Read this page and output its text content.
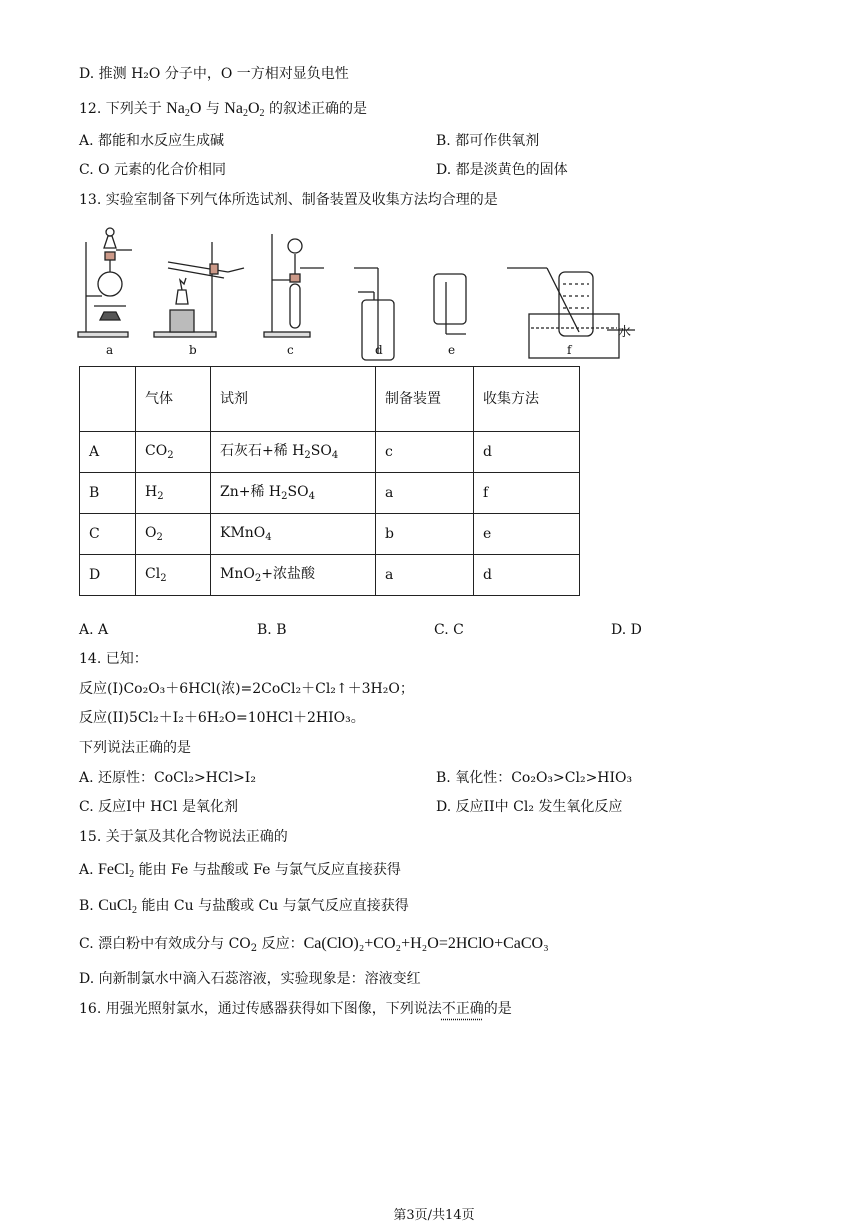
D. 推测 H₂O 分子中，O 一方相对显负电性
12. 下列关于 $Na_2O$ 与 $Na_2O_2$ 的叙述正确的是
A. 都能和水反应生成碱	B. 都可作供氧剂
C. O 元素的化合价相同	D. 都是淡黄色的固体
13. 实验室制备下列气体所选试剂、制备装置及收集方法均合理的是
a	b	c	d	e	f
水
	气体	试剂	制备装置	收集方法
A	$CO_2$	石灰石+稀 $H_2SO_4$	c	d
B	$H_2$	Zn+稀 $H_2SO_4$	a	f
C	$O_2$	KMnO$_4$	b	e
D	$Cl_2$	MnO$_2$+浓盐酸	a	d
A. A	B. B	C. C	D. D
14. 已知：
反应(I)Co₂O₃＋6HCl(浓)=2CoCl₂＋Cl₂↑＋3H₂O；
反应(II)5Cl₂＋I₂＋6H₂O=10HCl＋2HIO₃。
下列说法正确的是
A. 还原性：CoCl₂>HCl>I₂	B. 氧化性：Co₂O₃>Cl₂>HIO₃
C. 反应I中 HCl 是氧化剂	D. 反应II中 Cl₂ 发生氧化反应
15. 关于氯及其化合物说法正确的
A. FeCl$_2$ 能由 Fe 与盐酸或 Fe 与氯气反应直接获得
B. CuCl$_2$ 能由 Cu 与盐酸或 Cu 与氯气反应直接获得
C. 漂白粉中有效成分与 $CO_2$ 反应：Ca(ClO)₂+CO₂+H₂O=2HClO+CaCO₃
D. 向新制氯水中滴入石蕊溶液，实验现象是：溶液变红
16. 用强光照射氯水，通过传感器获得如下图像，下列说法不正确的是
第3页/共14页
